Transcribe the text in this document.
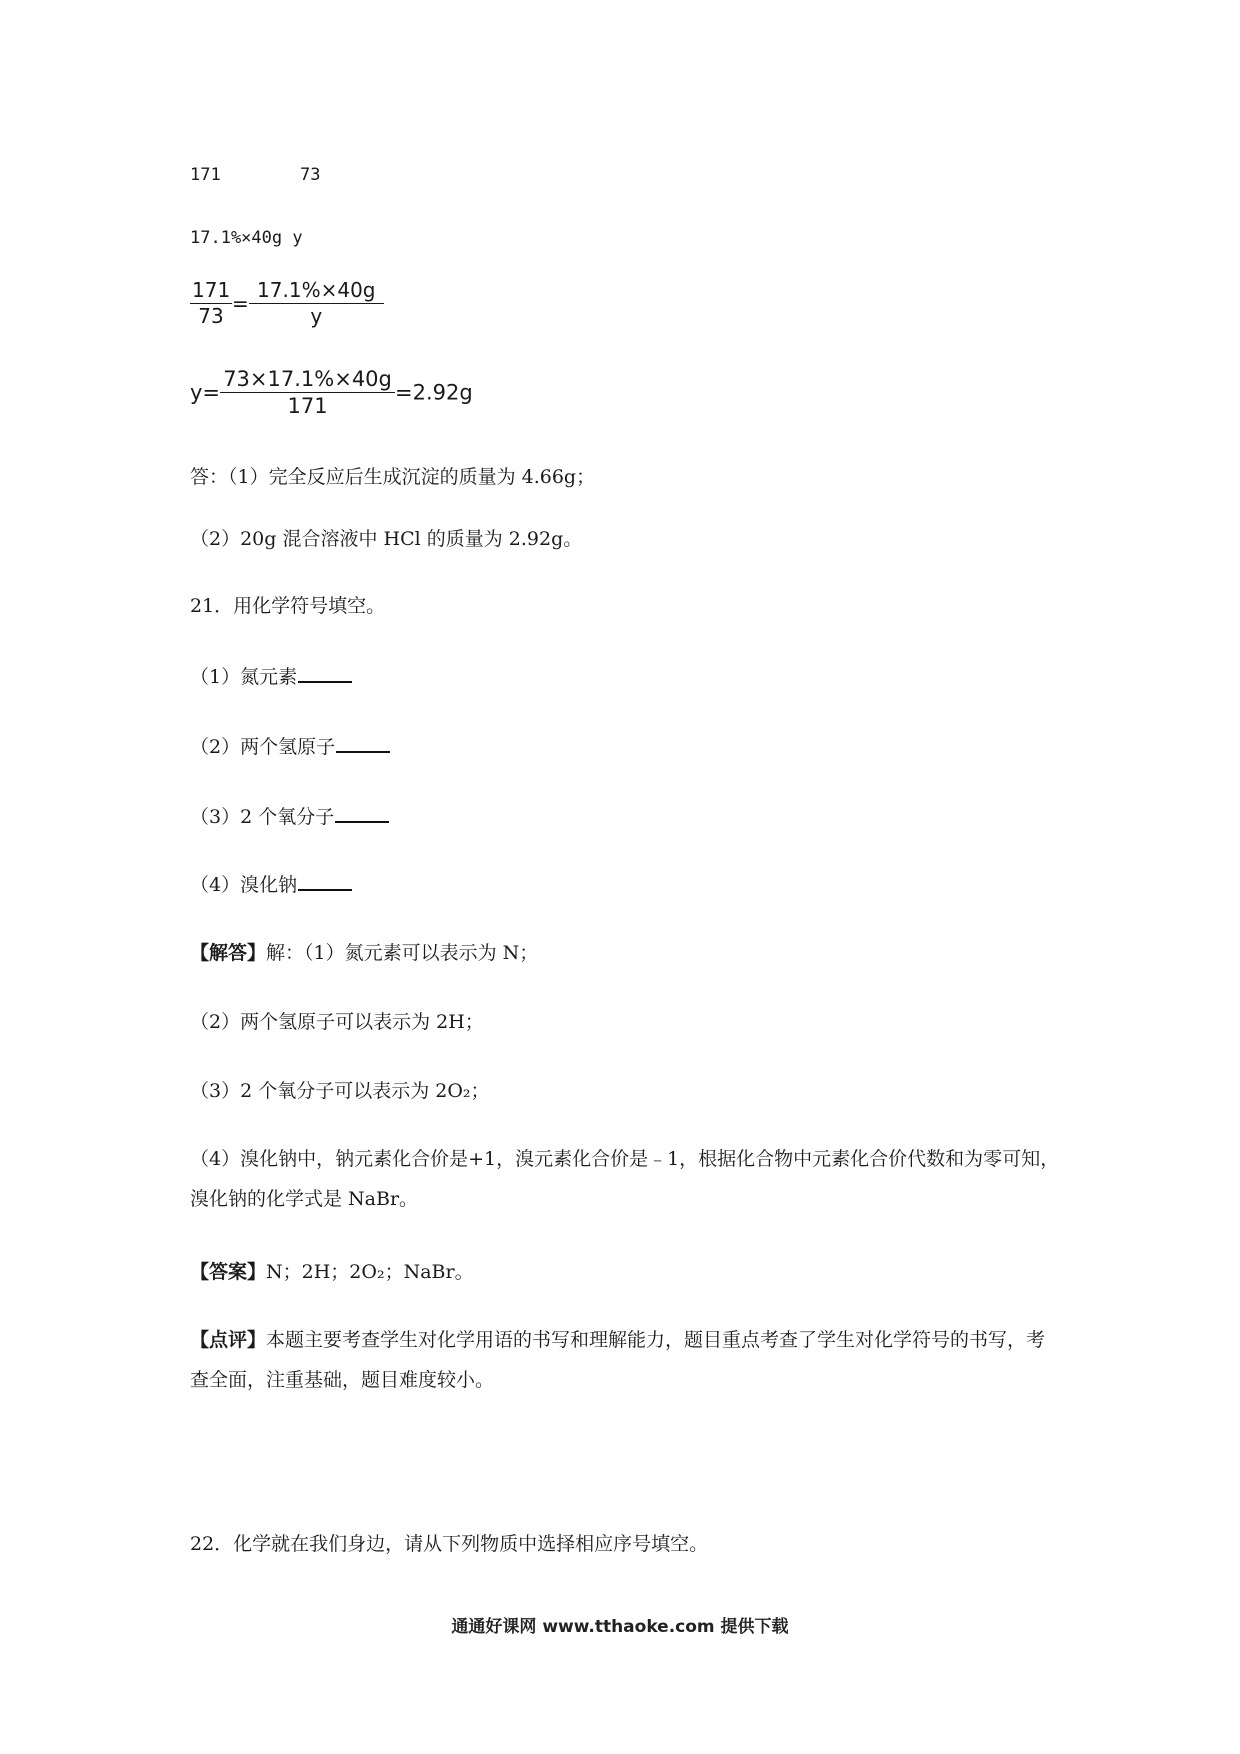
171	73
17.1%×40g y
$\frac{171}{73} = \frac{17.1\%\times 40g}{y}$
$y= \frac{73\times 17.1\%\times 40g}{171} =2.92g$
答：（1）完全反应后生成沉淀的质量为 4.66g；
（2）20g 混合溶液中 HCl 的质量为 2.92g。
21．用化学符号填空。
（1）氮元素
（2）两个氢原子
（3）2 个氧分子
（4）溴化钠
【解答】解：（1）氮元素可以表示为 N；
（2）两个氢原子可以表示为 2H；
（3）2 个氧分子可以表示为 2O₂；
（4）溴化钠中，钠元素化合价是+1，溴元素化合价是﹣1，根据化合物中元素化合价代数和为零可知，溴化钠的化学式是 NaBr。
【答案】N；2H；2O₂；NaBr。
【点评】本题主要考查学生对化学用语的书写和理解能力，题目重点考查了学生对化学符号的书写，考查全面，注重基础，题目难度较小。
22．化学就在我们身边，请从下列物质中选择相应序号填空。
通通好课网 www.tthaoke.com 提供下载
